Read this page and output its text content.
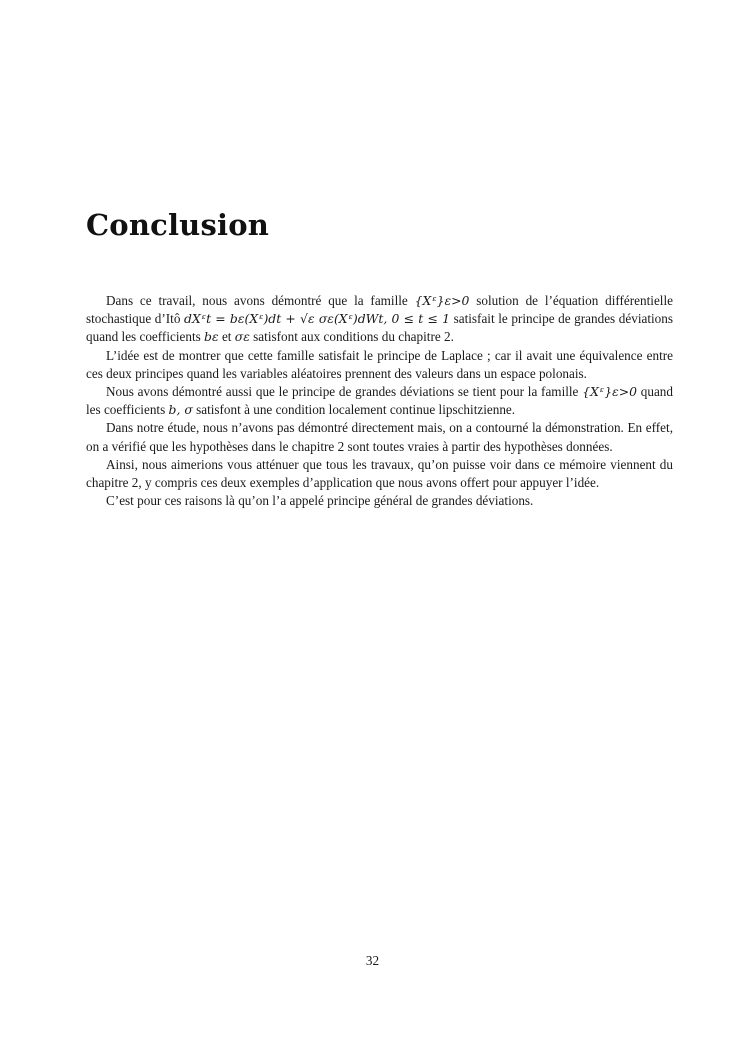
Conclusion

Dans ce travail, nous avons démontré que la famille {Xᵋ}ε>0 solution de l’équation différentielle stochastique d’Itô dXᵋt = bε(Xᵋ)dt + √ε σε(Xᵋ)dWt, 0 ≤ t ≤ 1 satisfait le principe de grandes déviations quand les coefficients bε et σε satisfont aux conditions du chapitre 2.

L’idée est de montrer que cette famille satisfait le principe de Laplace ; car il avait une équivalence entre ces deux principes quand les variables aléatoires prennent des valeurs dans un espace polonais.

Nous avons démontré aussi que le principe de grandes déviations se tient pour la famille {Xᵋ}ε>0 quand les coefficients b, σ satisfont à une condition localement continue lipschitzienne.

Dans notre étude, nous n’avons pas démontré directement mais, on a contourné la démonstration. En effet, on a vérifié que les hypothèses dans le chapitre 2 sont toutes vraies à partir des hypothèses données.

Ainsi, nous aimerions vous atténuer que tous les travaux, qu’on puisse voir dans ce mémoire viennent du chapitre 2, y compris ces deux exemples d’application que nous avons offert pour appuyer l’idée.

C’est pour ces raisons là qu’on l’a appelé principe général de grandes déviations.

32
